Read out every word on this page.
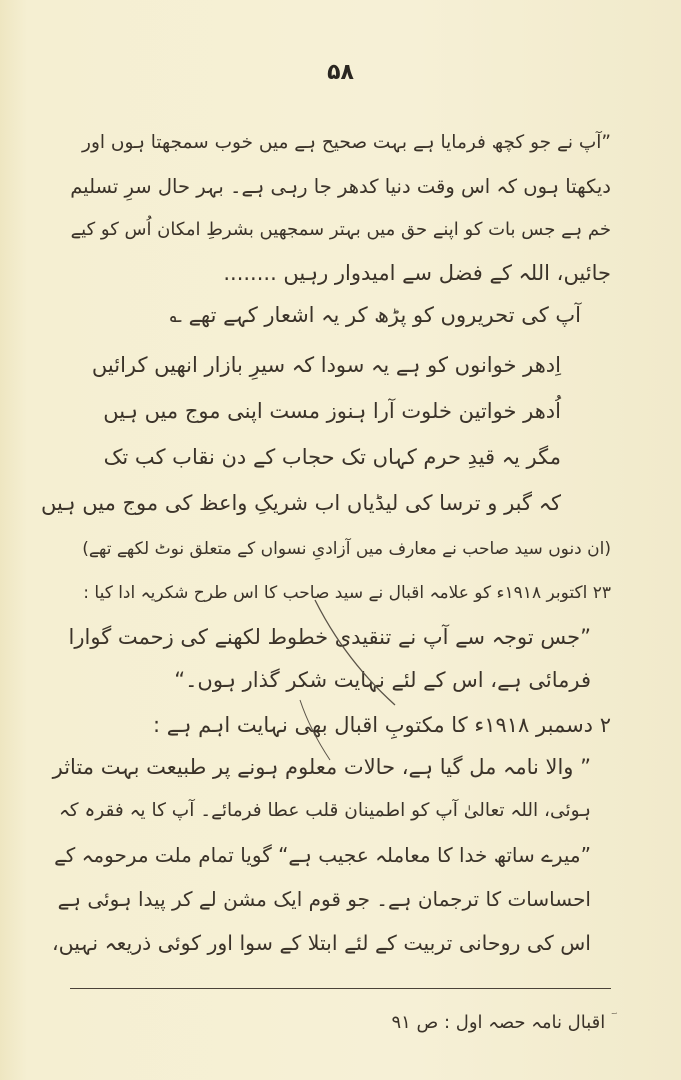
۵۸
”آپ نے جو کچھ فرمایا ہے بہت صحیح ہے میں خوب سمجھتا ہوں اور
دیکھتا ہوں کہ اس وقت دنیا کدھر جا رہی ہے۔ بہر حال سرِ تسلیم
خم ہے جس بات کو اپنے حق میں بہتر سمجھیں بشرطِ امکان اُس کو کیے
جائیں، اللہ کے فضل سے امیدوار رہیں ........
آپ کی تحریروں کو پڑھ کر یہ اشعار کہے تھے ؎
اِدھر خوانوں کو ہے یہ سودا کہ سیرِ بازار انھیں کرائیں
اُدھر خواتین خلوت آرا ہنوز مست اپنی موج میں ہیں
مگر یہ قیدِ حرم کہاں تک حجاب کے دن نقاب کب تک
کہ گبر و ترسا کی لیڈیاں اب شریکِ واعظ کی موج میں ہیں
(ان دنوں سید صاحب نے معارف میں آزادیِ نسواں کے متعلق نوٹ لکھے تھے)
۲۳ اکتوبر ۱۹۱۸ء کو علامہ اقبال نے سید صاحب کا اس طرح شکریہ ادا کیا :
”جس توجہ سے آپ نے تنقیدی خطوط لکھنے کی زحمت گوارا
فرمائی ہے، اس کے لئے نہایت شکر گذار ہوں۔“
۲ دسمبر ۱۹۱۸ء کا مکتوبِ اقبال بھی نہایت اہم ہے :
” والا نامہ مل گیا ہے، حالات معلوم ہونے پر طبیعت بہت متاثر
ہوئی، اللہ تعالیٰ آپ کو اطمینان قلب عطا فرمائے۔ آپ کا یہ فقرہ کہ
”میرے ساتھ خدا کا معاملہ عجیب ہے“ گویا تمام ملت مرحومہ کے
احساسات کا ترجمان ہے۔ جو قوم ایک مشن لے کر پیدا ہوئی ہے
اس کی روحانی تربیت کے لئے ابتلا کے سوا اور کوئی ذریعہ نہیں،
ؔ اقبال نامہ حصہ اول : ص ۹۱
